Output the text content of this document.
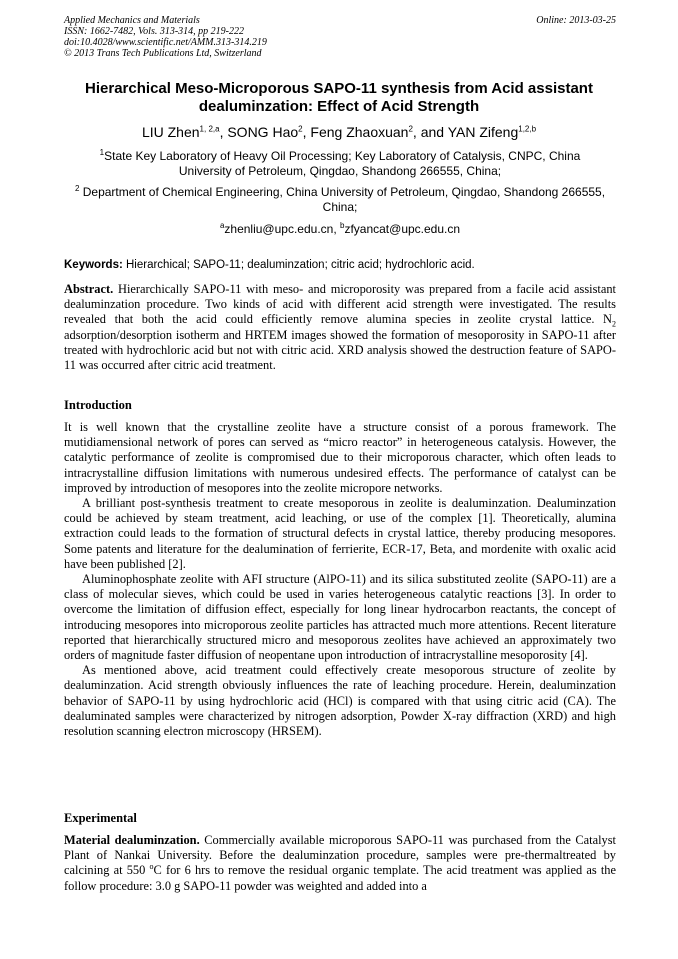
Applied Mechanics and Materials
ISSN: 1662-7482, Vols. 313-314, pp 219-222
doi:10.4028/www.scientific.net/AMM.313-314.219
© 2013 Trans Tech Publications Ltd, Switzerland
Online: 2013-03-25
Hierarchical Meso-Microporous SAPO-11 synthesis from Acid assistant
dealuminzation: Effect of Acid Strength
LIU Zhen$^{1, 2,a}$, SONG Hao$^2$, Feng Zhaoxuan$^2$, and YAN Zifeng$^{1,2,b}$
$^1$State Key Laboratory of Heavy Oil Processing; Key Laboratory of Catalysis, CNPC, China
University of Petroleum, Qingdao, Shandong 266555, China;
$^2$ Department of Chemical Engineering, China University of Petroleum, Qingdao, Shandong 266555,
China;
$^a$zhenliu@upc.edu.cn, $^b$zfyancat@upc.edu.cn
Keywords: Hierarchical; SAPO-11; dealuminzation; citric acid; hydrochloric acid.
Abstract. Hierarchically SAPO-11 with meso- and microporosity was prepared from a facile acid assistant dealuminzation procedure. Two kinds of acid with different acid strength were investigated. The results revealed that both the acid could efficiently remove alumina species in zeolite crystal lattice. $N_2$ adsorption/desorption isotherm and HRTEM images showed the formation of mesoporosity in SAPO-11 after treated with hydrochloric acid but not with citric acid. XRD analysis showed the destruction feature of SAPO-11 was occurred after citric acid treatment.
Introduction

It is well known that the crystalline zeolite have a structure consist of a porous framework. The mutidiamensional network of pores can served as “micro reactor” in heterogeneous catalysis. However, the catalytic performance of zeolite is compromised due to their microporous character, which often leads to intracrystalline diffusion limitations with numerous undesired effects. The performance of catalyst can be improved by introduction of mesopores into the zeolite micropore networks.

A brilliant post-synthesis treatment to create mesoporous in zeolite is dealuminzation. Dealuminzation could be achieved by steam treatment, acid leaching, or use of the complex [1]. Theoretically, alumina extraction could leads to the formation of structural defects in crystal lattice, thereby producing mesopores. Some patents and literature for the dealumination of ferrierite, ECR-17, Beta, and mordenite with oxalic acid have been published [2].

Aluminophosphate zeolite with AFI structure (AlPO-11) and its silica substituted zeolite (SAPO-11) are a class of molecular sieves, which could be used in varies heterogeneous catalytic reactions [3]. In order to overcome the limitation of diffusion effect, especially for long linear hydrocarbon reactants, the concept of introducing mesopores into microporous zeolite particles has attracted much more attentions. Recent literature reported that hierarchically structured micro and mesoporous zeolites have achieved an approximately two orders of magnitude faster diffusion of neopentane upon introduction of intracrystalline mesoporosity [4].

As mentioned above, acid treatment could effectively create mesoporous structure of zeolite by dealuminzation. Acid strength obviously influences the rate of leaching procedure. Herein, dealuminzation behavior of SAPO-11 by using hydrochloric acid (HCl) is compared with that using citric acid (CA). The dealuminated samples were characterized by nitrogen adsorption, Powder X-ray diffraction (XRD) and high resolution scanning electron microscopy (HRSEM).

Experimental
Material dealuminzation. Commercially available microporous SAPO-11 was purchased from the Catalyst Plant of Nankai University. Before the dealuminzation procedure, samples were pre-thermaltreated by calcining at 550 $^o$C for 6 hrs to remove the residual organic template. The acid treatment was applied as the follow procedure: 3.0 g SAPO-11 powder was weighted and added into a
